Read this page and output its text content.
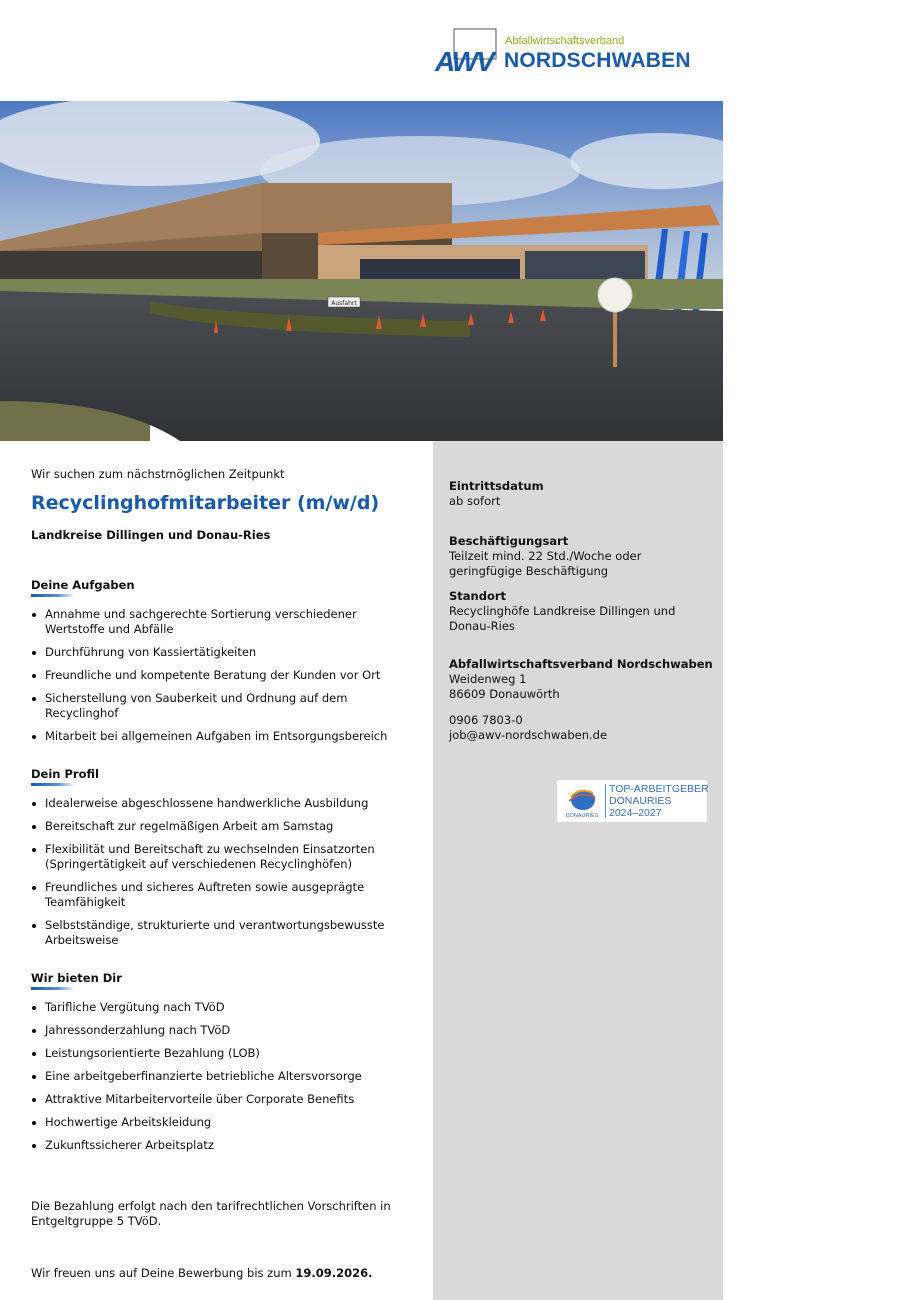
AWV
Abfallwirtschaftsverband
NORDSCHWABEN
Ausfahrt
Wir suchen zum nächstmöglichen Zeitpunkt
Recyclinghofmitarbeiter (m/w/d)
Landkreise Dillingen und Donau-Ries
Deine Aufgaben
Annahme und sachgerechte Sortierung verschiedener Wertstoffe und Abfälle
Durchführung von Kassiertätigkeiten
Freundliche und kompetente Beratung der Kunden vor Ort
Sicherstellung von Sauberkeit und Ordnung auf dem Recyclinghof
Mitarbeit bei allgemeinen Aufgaben im Entsorgungsbereich
Dein Profil
Idealerweise abgeschlossene handwerkliche Ausbildung
Bereitschaft zur regelmäßigen Arbeit am Samstag
Flexibilität und Bereitschaft zu wechselnden Einsatzorten (Springertätigkeit auf verschiedenen Recyclinghöfen)
Freundliches und sicheres Auftreten sowie ausgeprägte Teamfähigkeit
Selbstständige, strukturierte und verantwortungsbewusste Arbeitsweise
Wir bieten Dir
Tarifliche Vergütung nach TVöD
Jahressonderzahlung nach TVöD
Leistungsorientierte Bezahlung (LOB)
Eine arbeitgeberfinanzierte betriebliche Altersvorsorge
Attraktive Mitarbeitervorteile über Corporate Benefits
Hochwertige Arbeitskleidung
Zukunftssicherer Arbeitsplatz
Die Bezahlung erfolgt nach den tarifrechtlichen Vorschriften in Entgeltgruppe 5 TVöD.
Wir freuen uns auf Deine Bewerbung bis zum 19.09.2026.
Eintrittsdatum
ab sofort
Beschäftigungsart
Teilzeit mind. 22 Std./Woche oder
geringfügige Beschäftigung
Standort
Recyclinghöfe Landkreise Dillingen und
Donau-Ries
Abfallwirtschaftsverband Nordschwaben
Weidenweg 1
86609 Donauwörth
0906 7803-0
job@awv-nordschwaben.de
DONAURIES
TOP-ARBEITGEBER
DONAURIES
2024–2027
